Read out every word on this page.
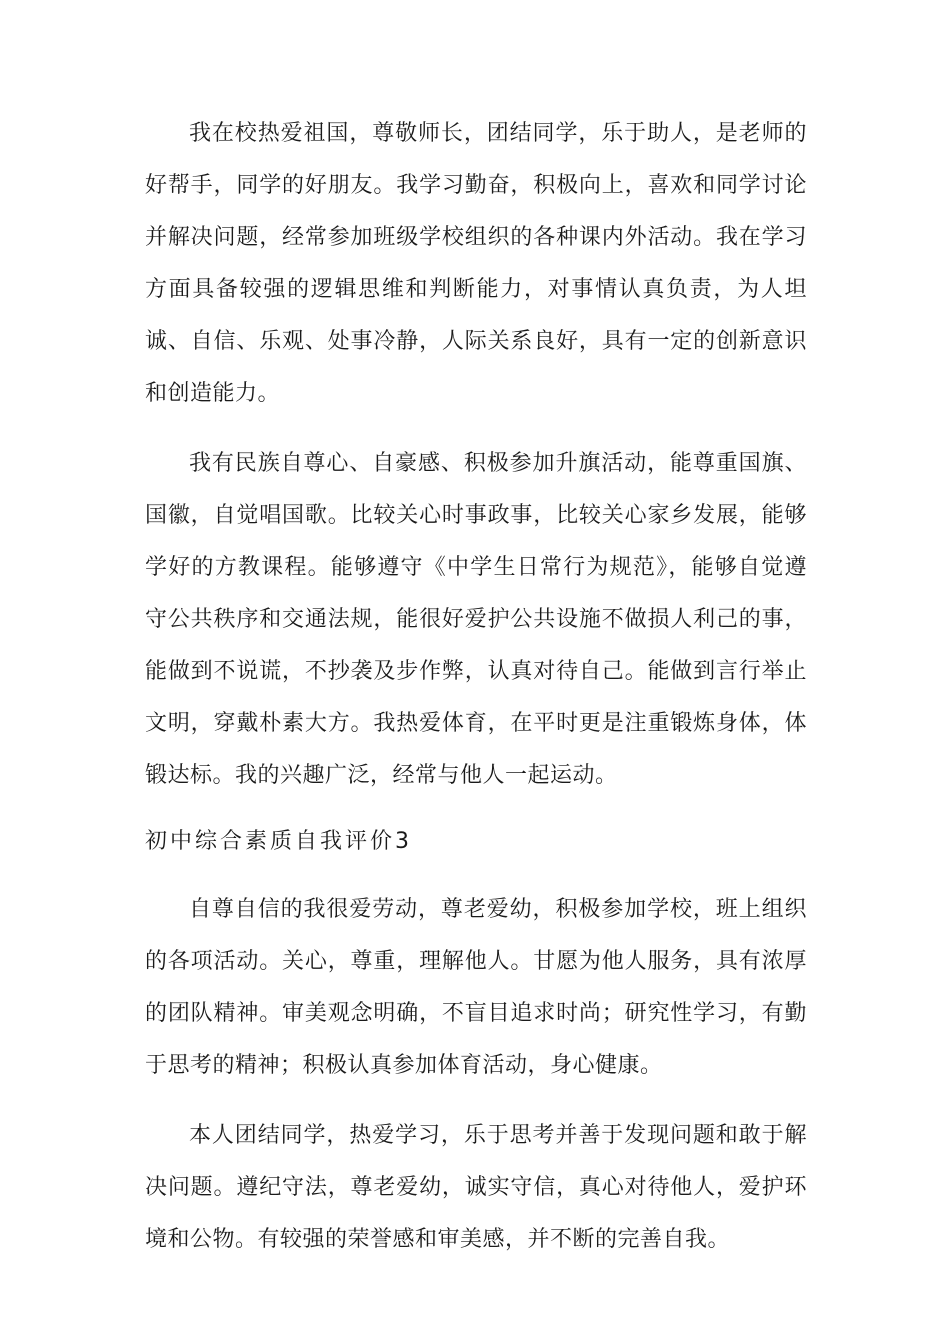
我在校热爱祖国，尊敬师长，团结同学，乐于助人，是老师的好帮手，同学的好朋友。我学习勤奋，积极向上，喜欢和同学讨论并解决问题，经常参加班级学校组织的各种课内外活动。我在学习方面具备较强的逻辑思维和判断能力，对事情认真负责，为人坦诚、自信、乐观、处事冷静，人际关系良好，具有一定的创新意识和创造能力。

我有民族自尊心、自豪感、积极参加升旗活动，能尊重国旗、国徽，自觉唱国歌。比较关心时事政事，比较关心家乡发展，能够学好的方教课程。能够遵守《中学生日常行为规范》，能够自觉遵守公共秩序和交通法规，能很好爱护公共设施不做损人利己的事，能做到不说谎，不抄袭及步作弊，认真对待自己。能做到言行举止文明，穿戴朴素大方。我热爱体育，在平时更是注重锻炼身体，体锻达标。我的兴趣广泛，经常与他人一起运动。

初中综合素质自我评价3

自尊自信的我很爱劳动，尊老爱幼，积极参加学校，班上组织的各项活动。关心，尊重，理解他人。甘愿为他人服务，具有浓厚的团队精神。审美观念明确，不盲目追求时尚；研究性学习，有勤于思考的精神；积极认真参加体育活动，身心健康。

本人团结同学，热爱学习，乐于思考并善于发现问题和敢于解决问题。遵纪守法，尊老爱幼，诚实守信，真心对待他人，爱护环境和公物。有较强的荣誉感和审美感，并不断的完善自我。
